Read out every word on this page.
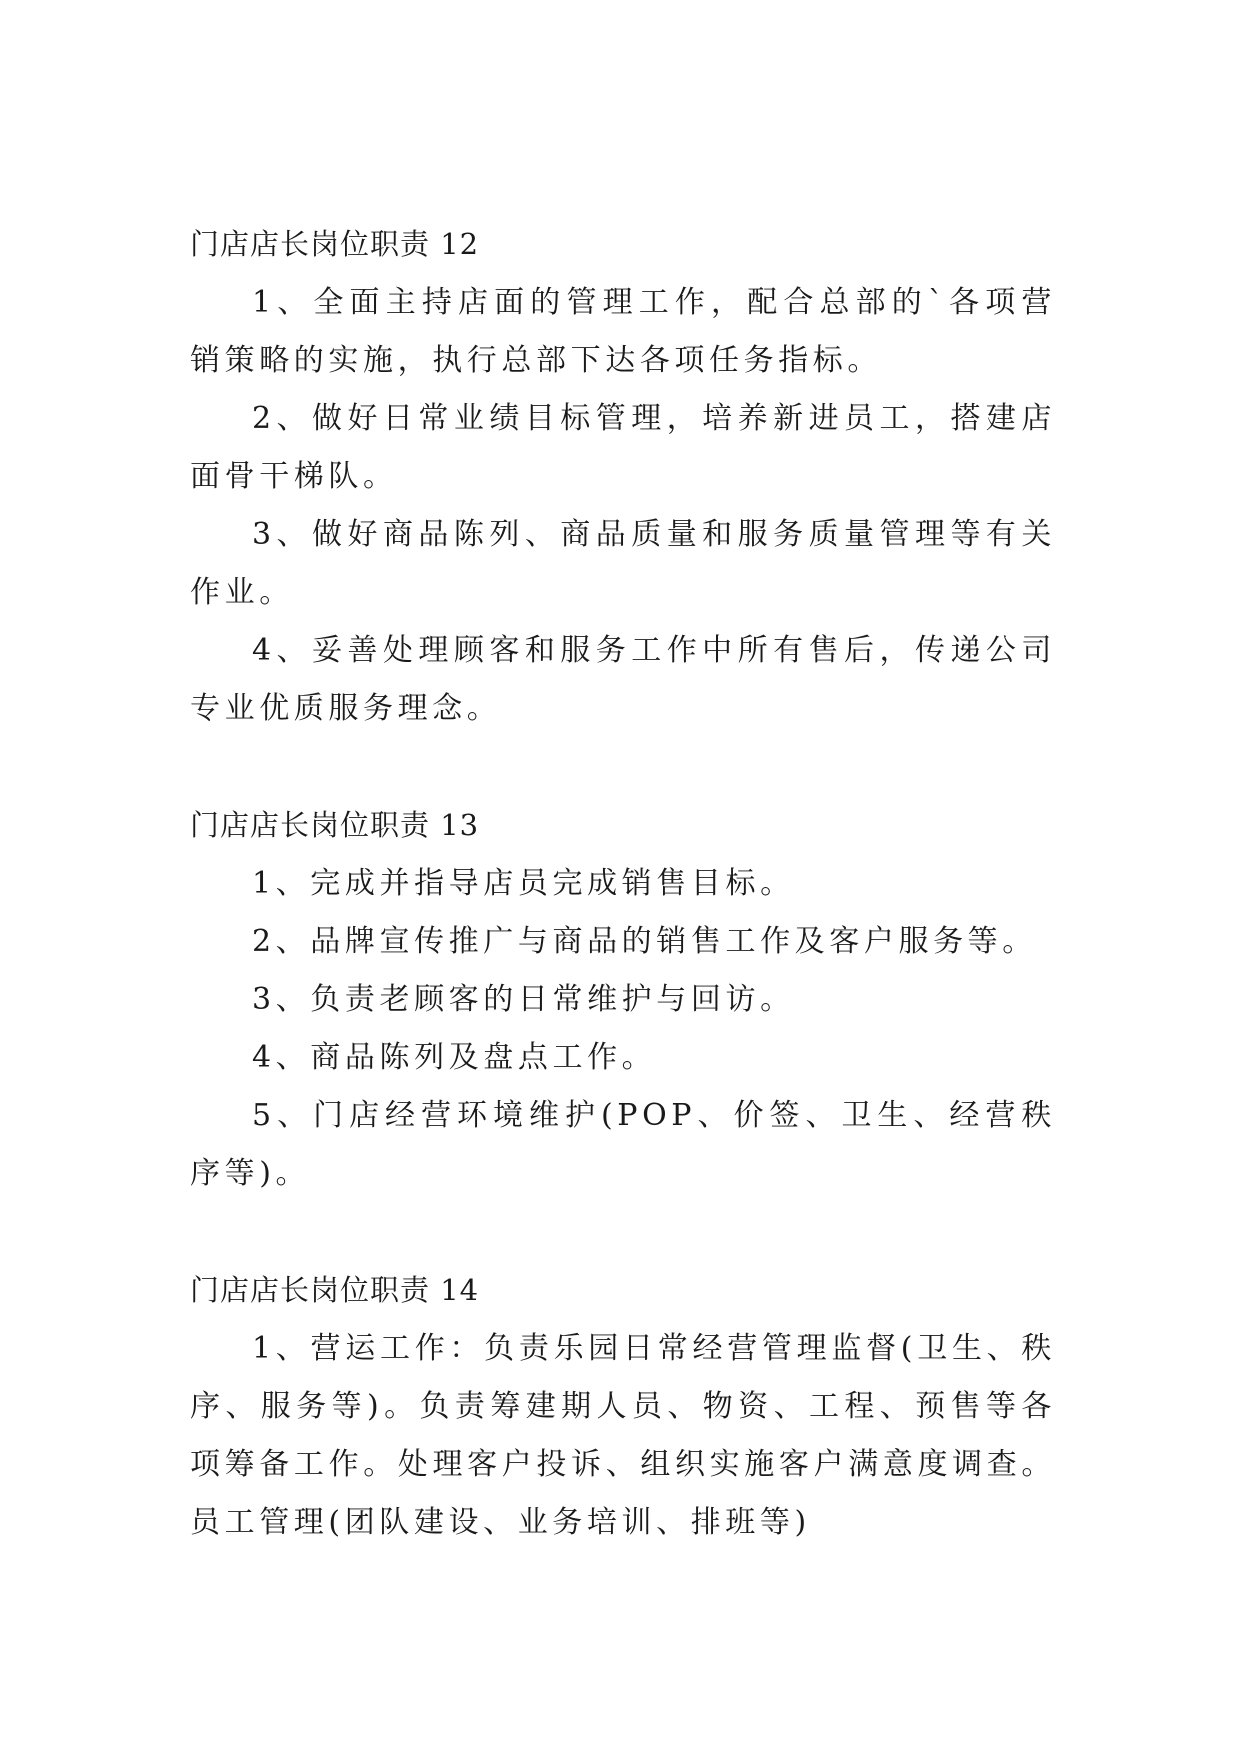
门店店长岗位职责 12

1、全面主持店面的管理工作，配合总部的`各项营销策略的实施，执行总部下达各项任务指标。

2、做好日常业绩目标管理，培养新进员工，搭建店面骨干梯队。

3、做好商品陈列、商品质量和服务质量管理等有关作业。

4、妥善处理顾客和服务工作中所有售后，传递公司专业优质服务理念。

门店店长岗位职责 13

1、完成并指导店员完成销售目标。

2、品牌宣传推广与商品的销售工作及客户服务等。

3、负责老顾客的日常维护与回访。

4、商品陈列及盘点工作。

5、门店经营环境维护(POP、价签、卫生、经营秩序等)。

门店店长岗位职责 14

1、营运工作：负责乐园日常经营管理监督(卫生、秩序、服务等)。负责筹建期人员、物资、工程、预售等各项筹备工作。处理客户投诉、组织实施客户满意度调查。员工管理(团队建设、业务培训、排班等)
